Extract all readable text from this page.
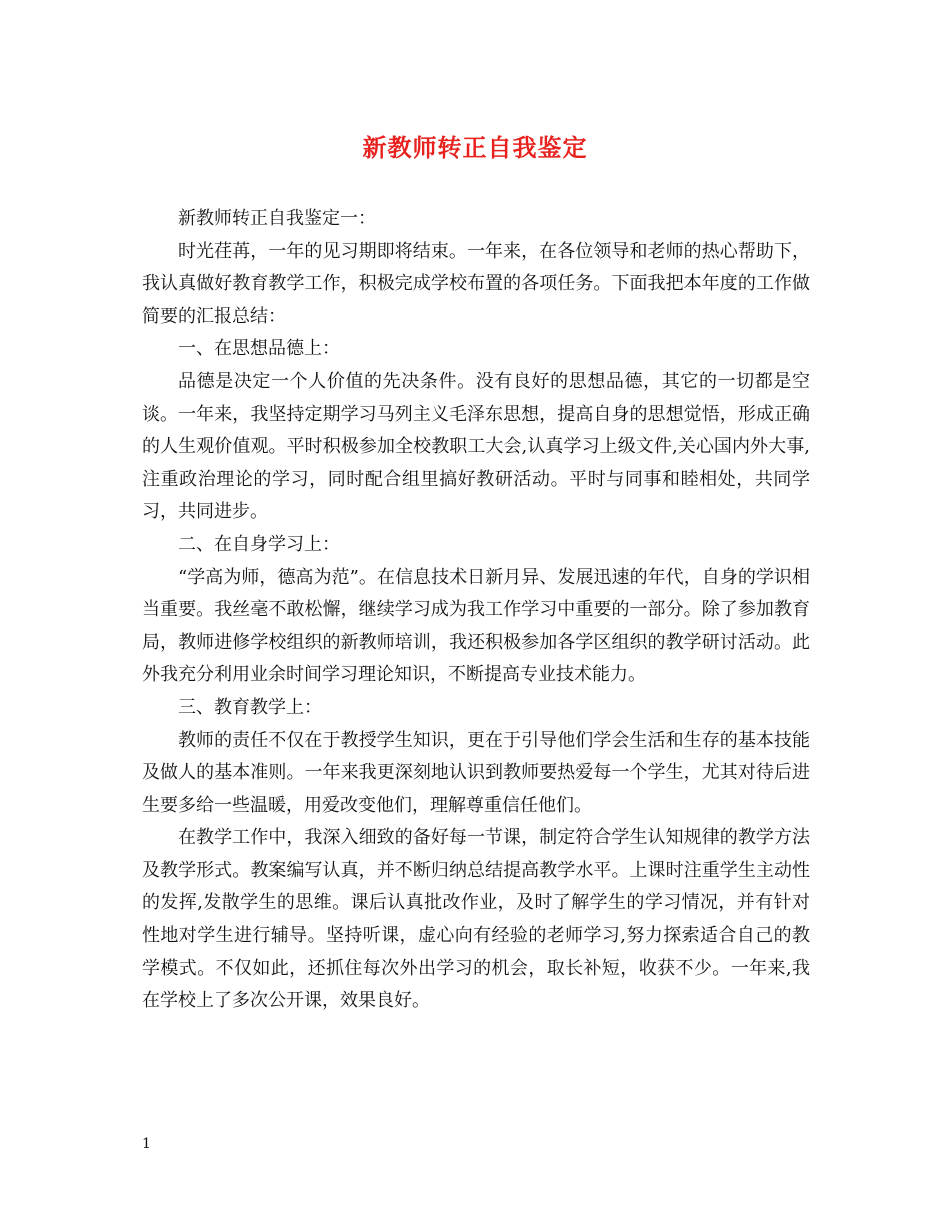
新教师转正自我鉴定

新教师转正自我鉴定一：

时光荏苒，一年的见习期即将结束。一年来，在各位领导和老师的热心帮助下，我认真做好教育教学工作，积极完成学校布置的各项任务。下面我把本年度的工作做简要的汇报总结：

一、在思想品德上：

品德是决定一个人价值的先决条件。没有良好的思想品德，其它的一切都是空谈。一年来，我坚持定期学习马列主义毛泽东思想，提高自身的思想觉悟，形成正确的人生观价值观。平时积极参加全校教职工大会,认真学习上级文件,关心国内外大事,注重政治理论的学习，同时配合组里搞好教研活动。平时与同事和睦相处，共同学习，共同进步。

二、在自身学习上：

“学高为师，德高为范”。在信息技术日新月异、发展迅速的年代，自身的学识相当重要。我丝毫不敢松懈，继续学习成为我工作学习中重要的一部分。除了参加教育局，教师进修学校组织的新教师培训，我还积极参加各学区组织的教学研讨活动。此外我充分利用业余时间学习理论知识，不断提高专业技术能力。

三、教育教学上：

教师的责任不仅在于教授学生知识，更在于引导他们学会生活和生存的基本技能及做人的基本准则。一年来我更深刻地认识到教师要热爱每一个学生，尤其对待后进生要多给一些温暖，用爱改变他们，理解尊重信任他们。

在教学工作中，我深入细致的备好每一节课，制定符合学生认知规律的教学方法及教学形式。教案编写认真，并不断归纳总结提高教学水平。上课时注重学生主动性的发挥,发散学生的思维。课后认真批改作业，及时了解学生的学习情况，并有针对性地对学生进行辅导。坚持听课，虚心向有经验的老师学习,努力探索适合自己的教学模式。不仅如此，还抓住每次外出学习的机会，取长补短，收获不少。一年来,我在学校上了多次公开课，效果良好。

1
